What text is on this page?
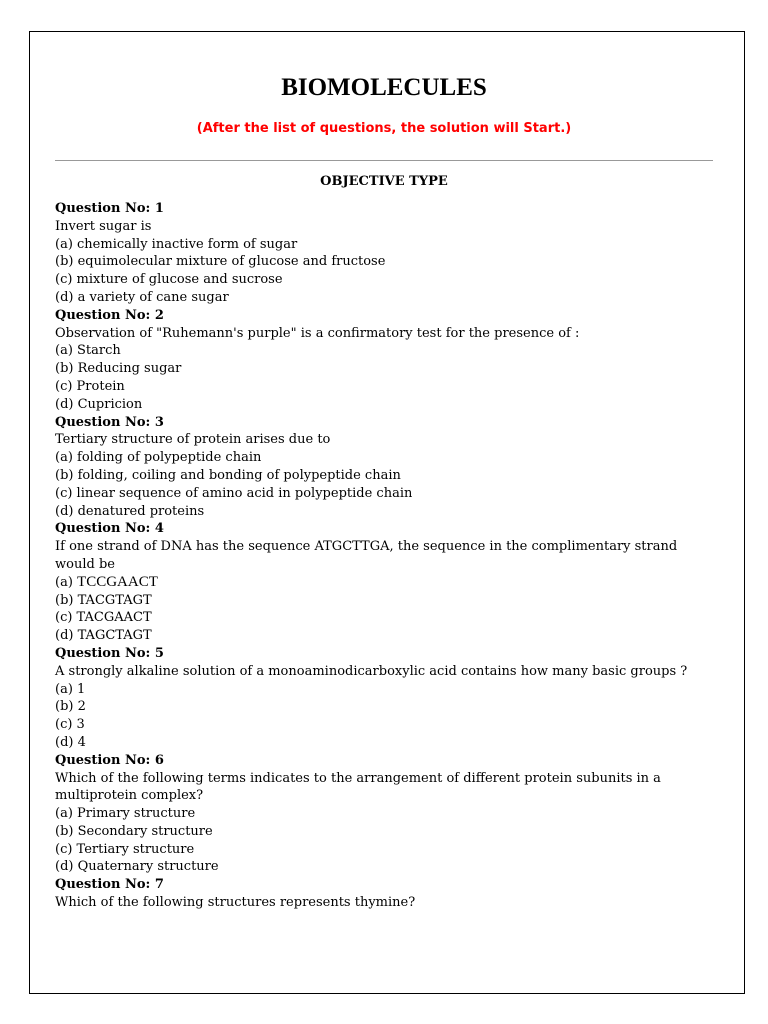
BIOMOLECULES
(After the list of questions, the solution will Start.)
OBJECTIVE TYPE
Question No: 1
Invert sugar is
(a) chemically inactive form of sugar
(b) equimolecular mixture of glucose and fructose
(c) mixture of glucose and sucrose
(d) a variety of cane sugar
Question No: 2
Observation of "Ruhemann's purple" is a confirmatory test for the presence of :
(a) Starch
(b) Reducing sugar
(c) Protein
(d) Cupricion
Question No: 3
Tertiary structure of protein arises due to
(a) folding of polypeptide chain
(b) folding, coiling and bonding of polypeptide chain
(c) linear sequence of amino acid in polypeptide chain
(d) denatured proteins
Question No: 4
If one strand of DNA has the sequence ATGCTTGA, the sequence in the complimentary strand would be
(a) TCCGAACT
(b) TACGTAGT
(c) TACGAACT
(d) TAGCTAGT
Question No: 5
A strongly alkaline solution of a monoaminodicarboxylic acid contains how many basic groups ?
(a) 1
(b) 2
(c) 3
(d) 4
Question No: 6
Which of the following terms indicates to the arrangement of different protein subunits in a multiprotein complex?
(a) Primary structure
(b) Secondary structure
(c) Tertiary structure
(d) Quaternary structure
Question No: 7
Which of the following structures represents thymine?
